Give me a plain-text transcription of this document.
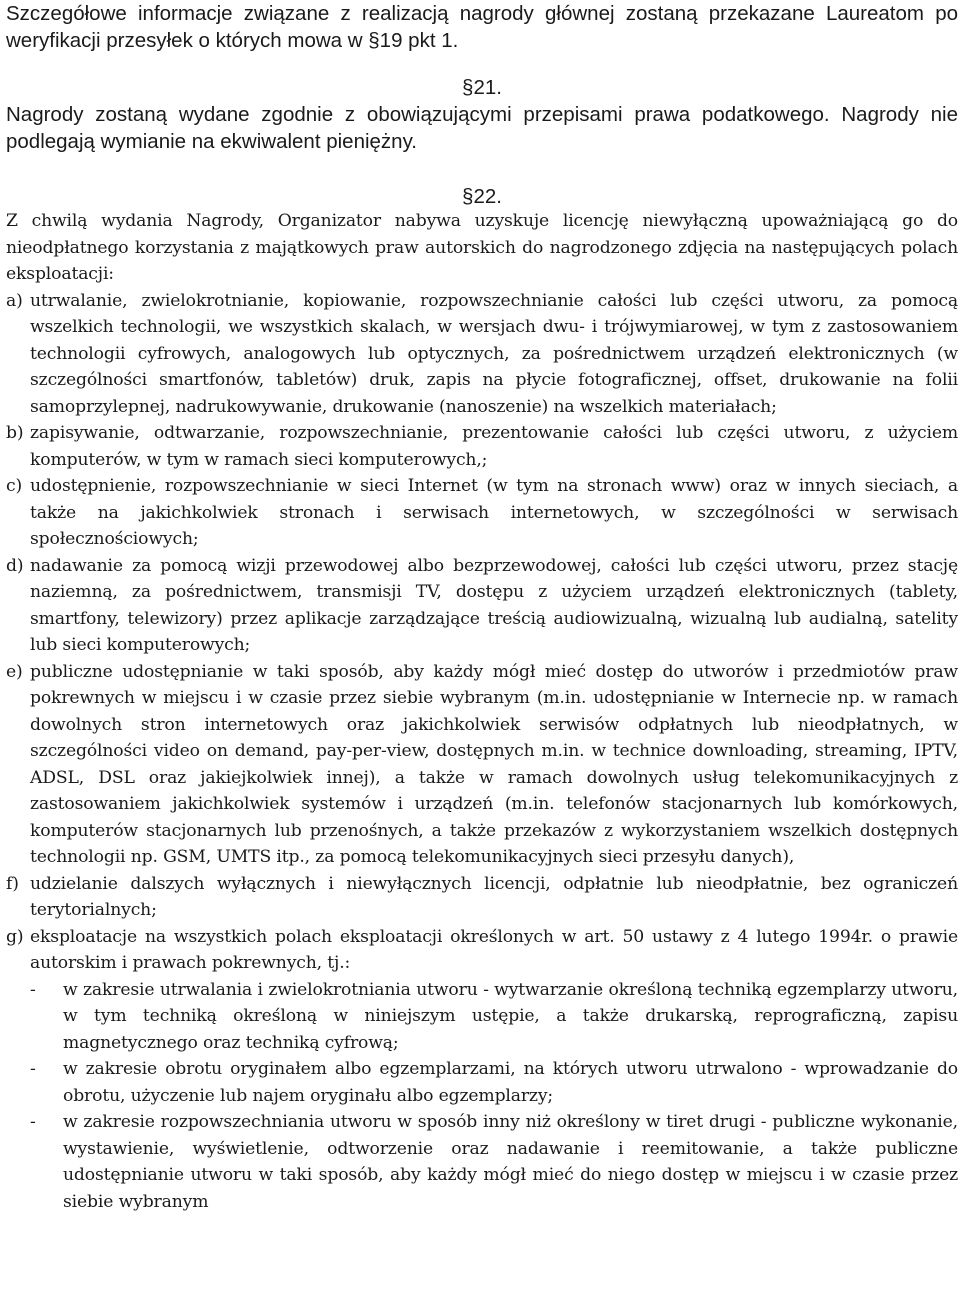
Szczegółowe informacje związane z realizacją nagrody głównej zostaną przekazane Laureatom po weryfikacji przesyłek o których mowa w §19 pkt 1.
§21.
Nagrody zostaną wydane zgodnie z obowiązującymi przepisami prawa podatkowego. Nagrody nie podlegają wymianie na ekwiwalent pieniężny.
§22.
Z chwilą wydania Nagrody, Organizator nabywa uzyskuje licencję niewyłączną upoważniającą go do nieodpłatnego korzystania z majątkowych praw autorskich do nagrodzonego zdjęcia na następujących polach eksploatacji:
a) utrwalanie, zwielokrotnianie, kopiowanie, rozpowszechnianie całości lub części utworu, za pomocą wszelkich technologii, we wszystkich skalach, w wersjach dwu- i trójwymiarowej, w tym z zastosowaniem technologii cyfrowych, analogowych lub optycznych, za pośrednictwem urządzeń elektronicznych (w szczególności smartfonów, tabletów) druk, zapis na płycie fotograficznej, offset, drukowanie na folii samoprzylepnej, nadrukowywanie, drukowanie (nanoszenie) na wszelkich materiałach;
b) zapisywanie, odtwarzanie, rozpowszechnianie, prezentowanie całości lub części utworu, z użyciem komputerów, w tym w ramach sieci komputerowych,;
c) udostępnienie, rozpowszechnianie w sieci Internet (w tym na stronach www) oraz w innych sieciach, a także na jakichkolwiek stronach i serwisach internetowych, w szczególności w serwisach społecznościowych;
d) nadawanie za pomocą wizji przewodowej albo bezprzewodowej, całości lub części utworu, przez stację naziemną, za pośrednictwem, transmisji TV, dostępu z użyciem urządzeń elektronicznych (tablety, smartfony, telewizory) przez aplikacje zarządzające treścią audiowizualną, wizualną lub audialną, satelity lub sieci komputerowych;
e) publiczne udostępnianie w taki sposób, aby każdy mógł mieć dostęp do utworów i przedmiotów praw pokrewnych w miejscu i w czasie przez siebie wybranym (m.in. udostępnianie w Internecie np. w ramach dowolnych stron internetowych oraz jakichkolwiek serwisów odpłatnych lub nieodpłatnych, w szczególności video on demand, pay-per-view, dostępnych m.in. w technice downloading, streaming, IPTV, ADSL, DSL oraz jakiejkolwiek innej), a także w ramach dowolnych usług telekomunikacyjnych z zastosowaniem jakichkolwiek systemów i urządzeń (m.in. telefonów stacjonarnych lub komórkowych, komputerów stacjonarnych lub przenośnych, a także przekazów z wykorzystaniem wszelkich dostępnych technologii np. GSM, UMTS itp., za pomocą telekomunikacyjnych sieci przesyłu danych),
f) udzielanie dalszych wyłącznych i niewyłącznych licencji, odpłatnie lub nieodpłatnie, bez ograniczeń terytorialnych;
g) eksploatacje na wszystkich polach eksploatacji określonych w art. 50 ustawy z 4 lutego 1994r. o prawie autorskim i prawach pokrewnych, tj.:
-	w zakresie utrwalania i zwielokrotniania utworu - wytwarzanie określoną techniką egzemplarzy utworu, w tym techniką określoną w niniejszym ustępie, a także drukarską, reprograficzną, zapisu magnetycznego oraz techniką cyfrową;
-	w zakresie obrotu oryginałem albo egzemplarzami, na których utworu utrwalono - wprowadzanie do obrotu, użyczenie lub najem oryginału albo egzemplarzy;
-	w zakresie rozpowszechniania utworu w sposób inny niż określony w tiret drugi - publiczne wykonanie, wystawienie, wyświetlenie, odtworzenie oraz nadawanie i reemitowanie, a także publiczne udostępnianie utworu w taki sposób, aby każdy mógł mieć do niego dostęp w miejscu i w czasie przez siebie wybranym
